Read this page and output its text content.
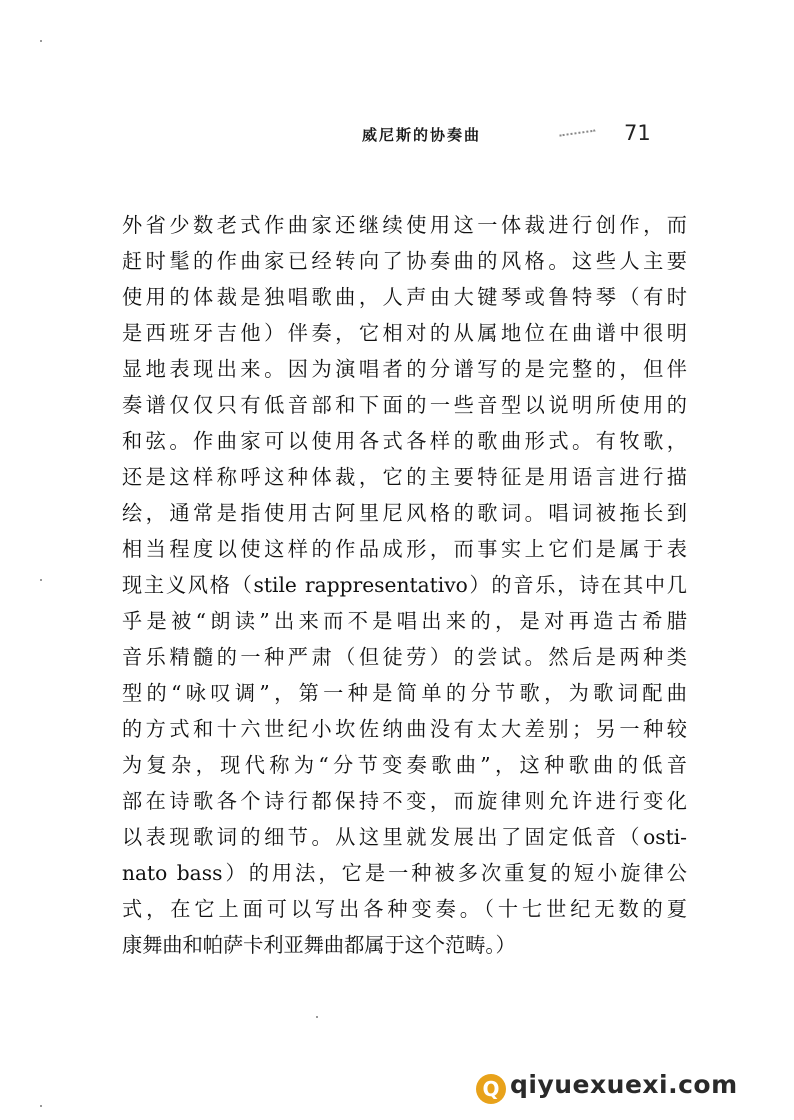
威尼斯的协奏曲	71
外省少数老式作曲家还继续使用这一体裁进行创作，而
赶时髦的作曲家已经转向了协奏曲的风格。这些人主要
使用的体裁是独唱歌曲，人声由大键琴或鲁特琴（有时
是西班牙吉他）伴奏，它相对的从属地位在曲谱中很明
显地表现出来。因为演唱者的分谱写的是完整的，但伴
奏谱仅仅只有低音部和下面的一些音型以说明所使用的
和弦。作曲家可以使用各式各样的歌曲形式。有牧歌，
还是这样称呼这种体裁，它的主要特征是用语言进行描
绘，通常是指使用古阿里尼风格的歌词。唱词被拖长到
相当程度以使这样的作品成形，而事实上它们是属于表
现主义风格（stile rappresentativo）的音乐，诗在其中几
乎是被“朗读”出来而不是唱出来的，是对再造古希腊
音乐精髓的一种严肃（但徒劳）的尝试。然后是两种类
型的“咏叹调”，第一种是简单的分节歌，为歌词配曲
的方式和十六世纪小坎佐纳曲没有太大差别；另一种较
为复杂，现代称为“分节变奏歌曲”，这种歌曲的低音
部在诗歌各个诗行都保持不变，而旋律则允许进行变化
以表现歌词的细节。从这里就发展出了固定低音（osti-
nato bass）的用法，它是一种被多次重复的短小旋律公
式，在它上面可以写出各种变奏。（十七世纪无数的夏
康舞曲和帕萨卡利亚舞曲都属于这个范畴。）
Q qiyuexuexi.com
